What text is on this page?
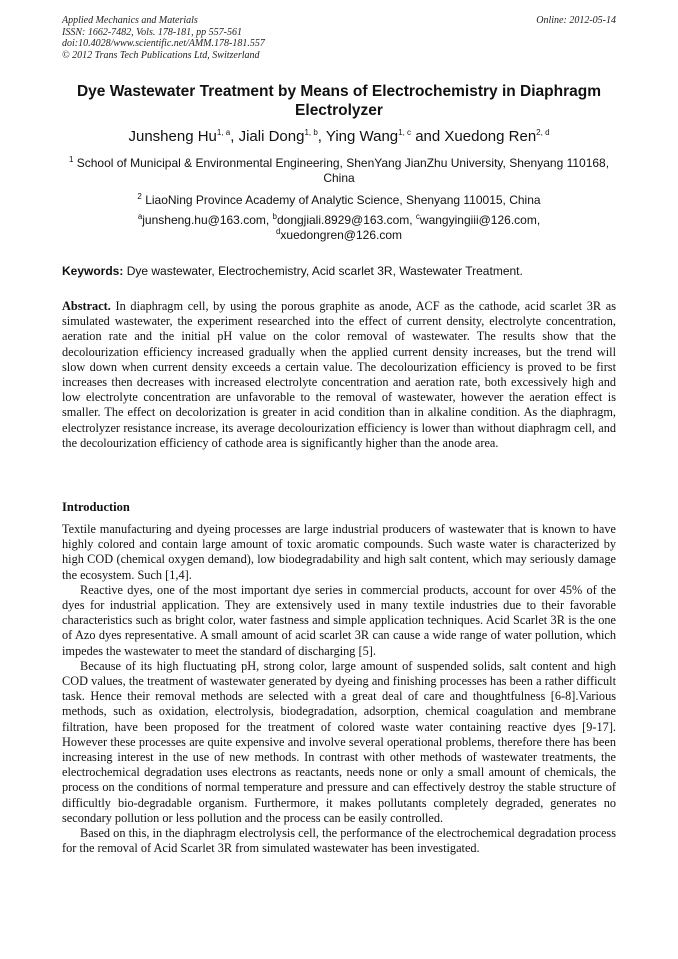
Applied Mechanics and Materials
ISSN: 1662-7482, Vols. 178-181, pp 557-561
doi:10.4028/www.scientific.net/AMM.178-181.557
© 2012 Trans Tech Publications Ltd, Switzerland
Online: 2012-05-14
Dye Wastewater Treatment by Means of Electrochemistry in Diaphragm Electrolyzer
Junsheng Hu$^{1, a}$, Jiali Dong$^{1, b}$, Ying Wang$^{1, c}$ and Xuedong Ren$^{2, d}$
$^1$ School of Municipal & Environmental Engineering, ShenYang JianZhu University, Shenyang 110168, China
$^2$ LiaoNing Province Academy of Analytic Science, Shenyang 110015, China
$^a$junsheng.hu@163.com, $^b$dongjiali.8929@163.com, $^c$wangyingiii@126.com,
$^d$xuedongren@126.com
Keywords: Dye wastewater, Electrochemistry, Acid scarlet 3R, Wastewater Treatment.
Abstract. In diaphragm cell, by using the porous graphite as anode, ACF as the cathode, acid scarlet 3R as simulated wastewater, the experiment researched into the effect of current density, electrolyte concentration, aeration rate and the initial pH value on the color removal of wastewater. The results show that the decolourization efficiency increased gradually when the applied current density increases, but the trend will slow down when current density exceeds a certain value. The decolourization efficiency is proved to be first increases then decreases with increased electrolyte concentration and aeration rate, both excessively high and low electrolyte concentration are unfavorable to the removal of wastewater, however the aeration effect is smaller. The effect on decolorization is greater in acid condition than in alkaline condition. As the diaphragm, electrolyzer resistance increase, its average decolourization efficiency is lower than without diaphragm cell, and the decolourization efficiency of cathode area is significantly higher than the anode area.
Introduction

Textile manufacturing and dyeing processes are large industrial producers of wastewater that is known to have highly colored and contain large amount of toxic aromatic compounds. Such waste water is characterized by high COD (chemical oxygen demand), low biodegradability and high salt content, which may seriously damage the ecosystem. Such [1,4].

Reactive dyes, one of the most important dye series in commercial products, account for over 45% of the dyes for industrial application. They are extensively used in many textile industries due to their favorable characteristics such as bright color, water fastness and simple application techniques. Acid Scarlet 3R is the one of Azo dyes representative. A small amount of acid scarlet 3R can cause a wide range of water pollution, which impedes the wastewater to meet the standard of discharging [5].

Because of its high fluctuating pH, strong color, large amount of suspended solids, salt content and high COD values, the treatment of wastewater generated by dyeing and finishing processes has been a rather difficult task. Hence their removal methods are selected with a great deal of care and thoughtfulness [6-8].Various methods, such as oxidation, electrolysis, biodegradation, adsorption, chemical coagulation and membrane filtration, have been proposed for the treatment of colored waste water containing reactive dyes [9-17]. However these processes are quite expensive and involve several operational problems, therefore there has been increasing interest in the use of new methods. In contrast with other methods of wastewater treatments, the electrochemical degradation uses electrons as reactants, needs none or only a small amount of chemicals, the process on the conditions of normal temperature and pressure and can effectively destroy the stable structure of difficultly bio-degradable organism. Furthermore, it makes pollutants completely degraded, generates no secondary pollution or less pollution and the process can be easily controlled.

Based on this, in the diaphragm electrolysis cell, the performance of the electrochemical degradation process for the removal of Acid Scarlet 3R from simulated wastewater has been investigated.
